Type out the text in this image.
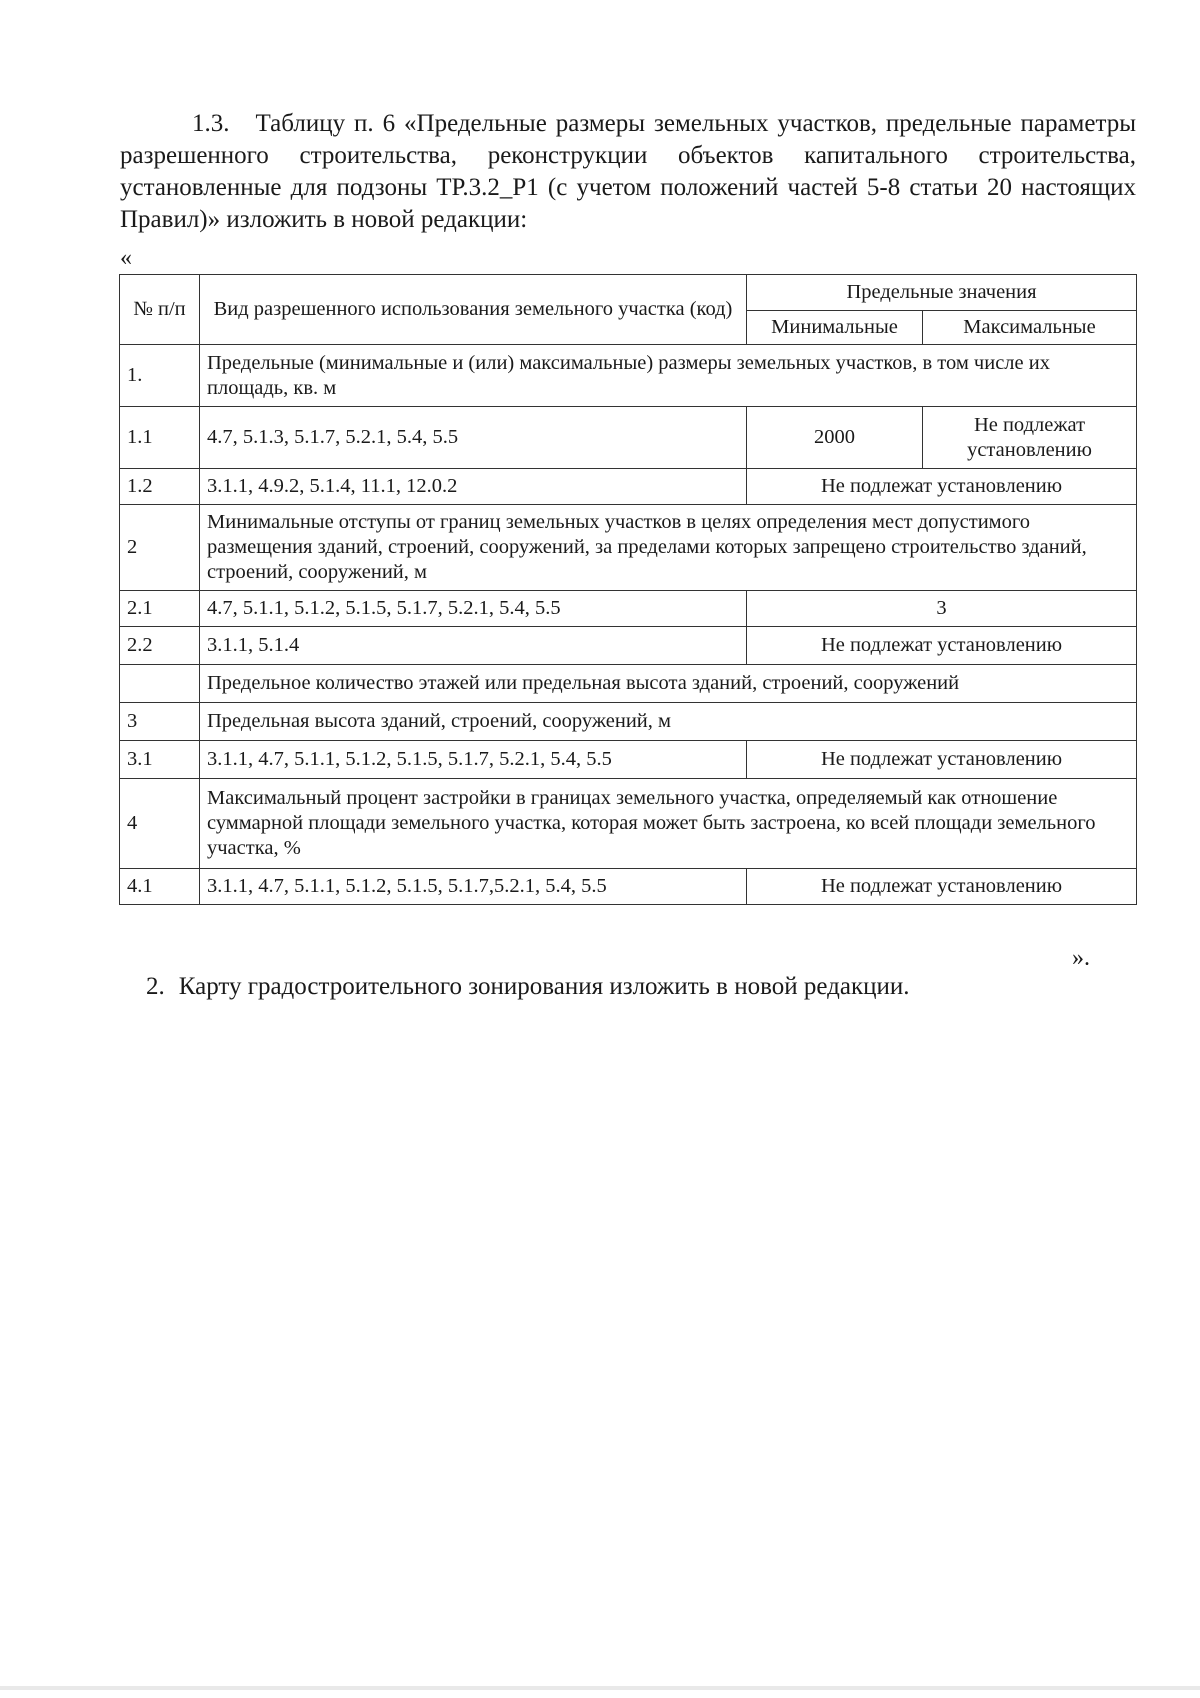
1.3. Таблицу п. 6 «Предельные размеры земельных участков, предельные параметры разрешенного строительства, реконструкции объектов капитального строительства, установленные для подзоны ТР.3.2_Р1 (с учетом положений частей 5-8 статьи 20 настоящих Правил)» изложить в новой редакции:

«
№ п/п	Вид разрешенного использования земельного участка (код)	Предельные значения	
		Минимальные	Максимальные
1.	Предельные (минимальные и (или) максимальные) размеры земельных участков, в том числе их площадь, кв. м		
1.1	4.7, 5.1.3, 5.1.7, 5.2.1, 5.4, 5.5	2000	Не подлежат установлению
1.2	3.1.1, 4.9.2, 5.1.4, 11.1, 12.0.2	Не подлежат установлению	
2	Минимальные отступы от границ земельных участков в целях определения мест допустимого размещения зданий, строений, сооружений, за пределами которых запрещено строительство зданий, строений, сооружений, м		
2.1	4.7, 5.1.1, 5.1.2, 5.1.5, 5.1.7, 5.2.1, 5.4, 5.5	3	
2.2	3.1.1, 5.1.4	Не подлежат установлению	
	Предельное количество этажей или предельная высота зданий, строений, сооружений		
3	Предельная высота зданий, строений, сооружений, м		
3.1	3.1.1, 4.7, 5.1.1, 5.1.2, 5.1.5, 5.1.7, 5.2.1, 5.4, 5.5	Не подлежат установлению	
4	Максимальный процент застройки в границах земельного участка, определяемый как отношение суммарной площади земельного участка, которая может быть застроена, ко всей площади земельного участка, %		
4.1	3.1.1, 4.7, 5.1.1, 5.1.2, 5.1.5, 5.1.7,5.2.1, 5.4, 5.5	Не подлежат установлению	
».

2. Карту градостроительного зонирования изложить в новой редакции.
